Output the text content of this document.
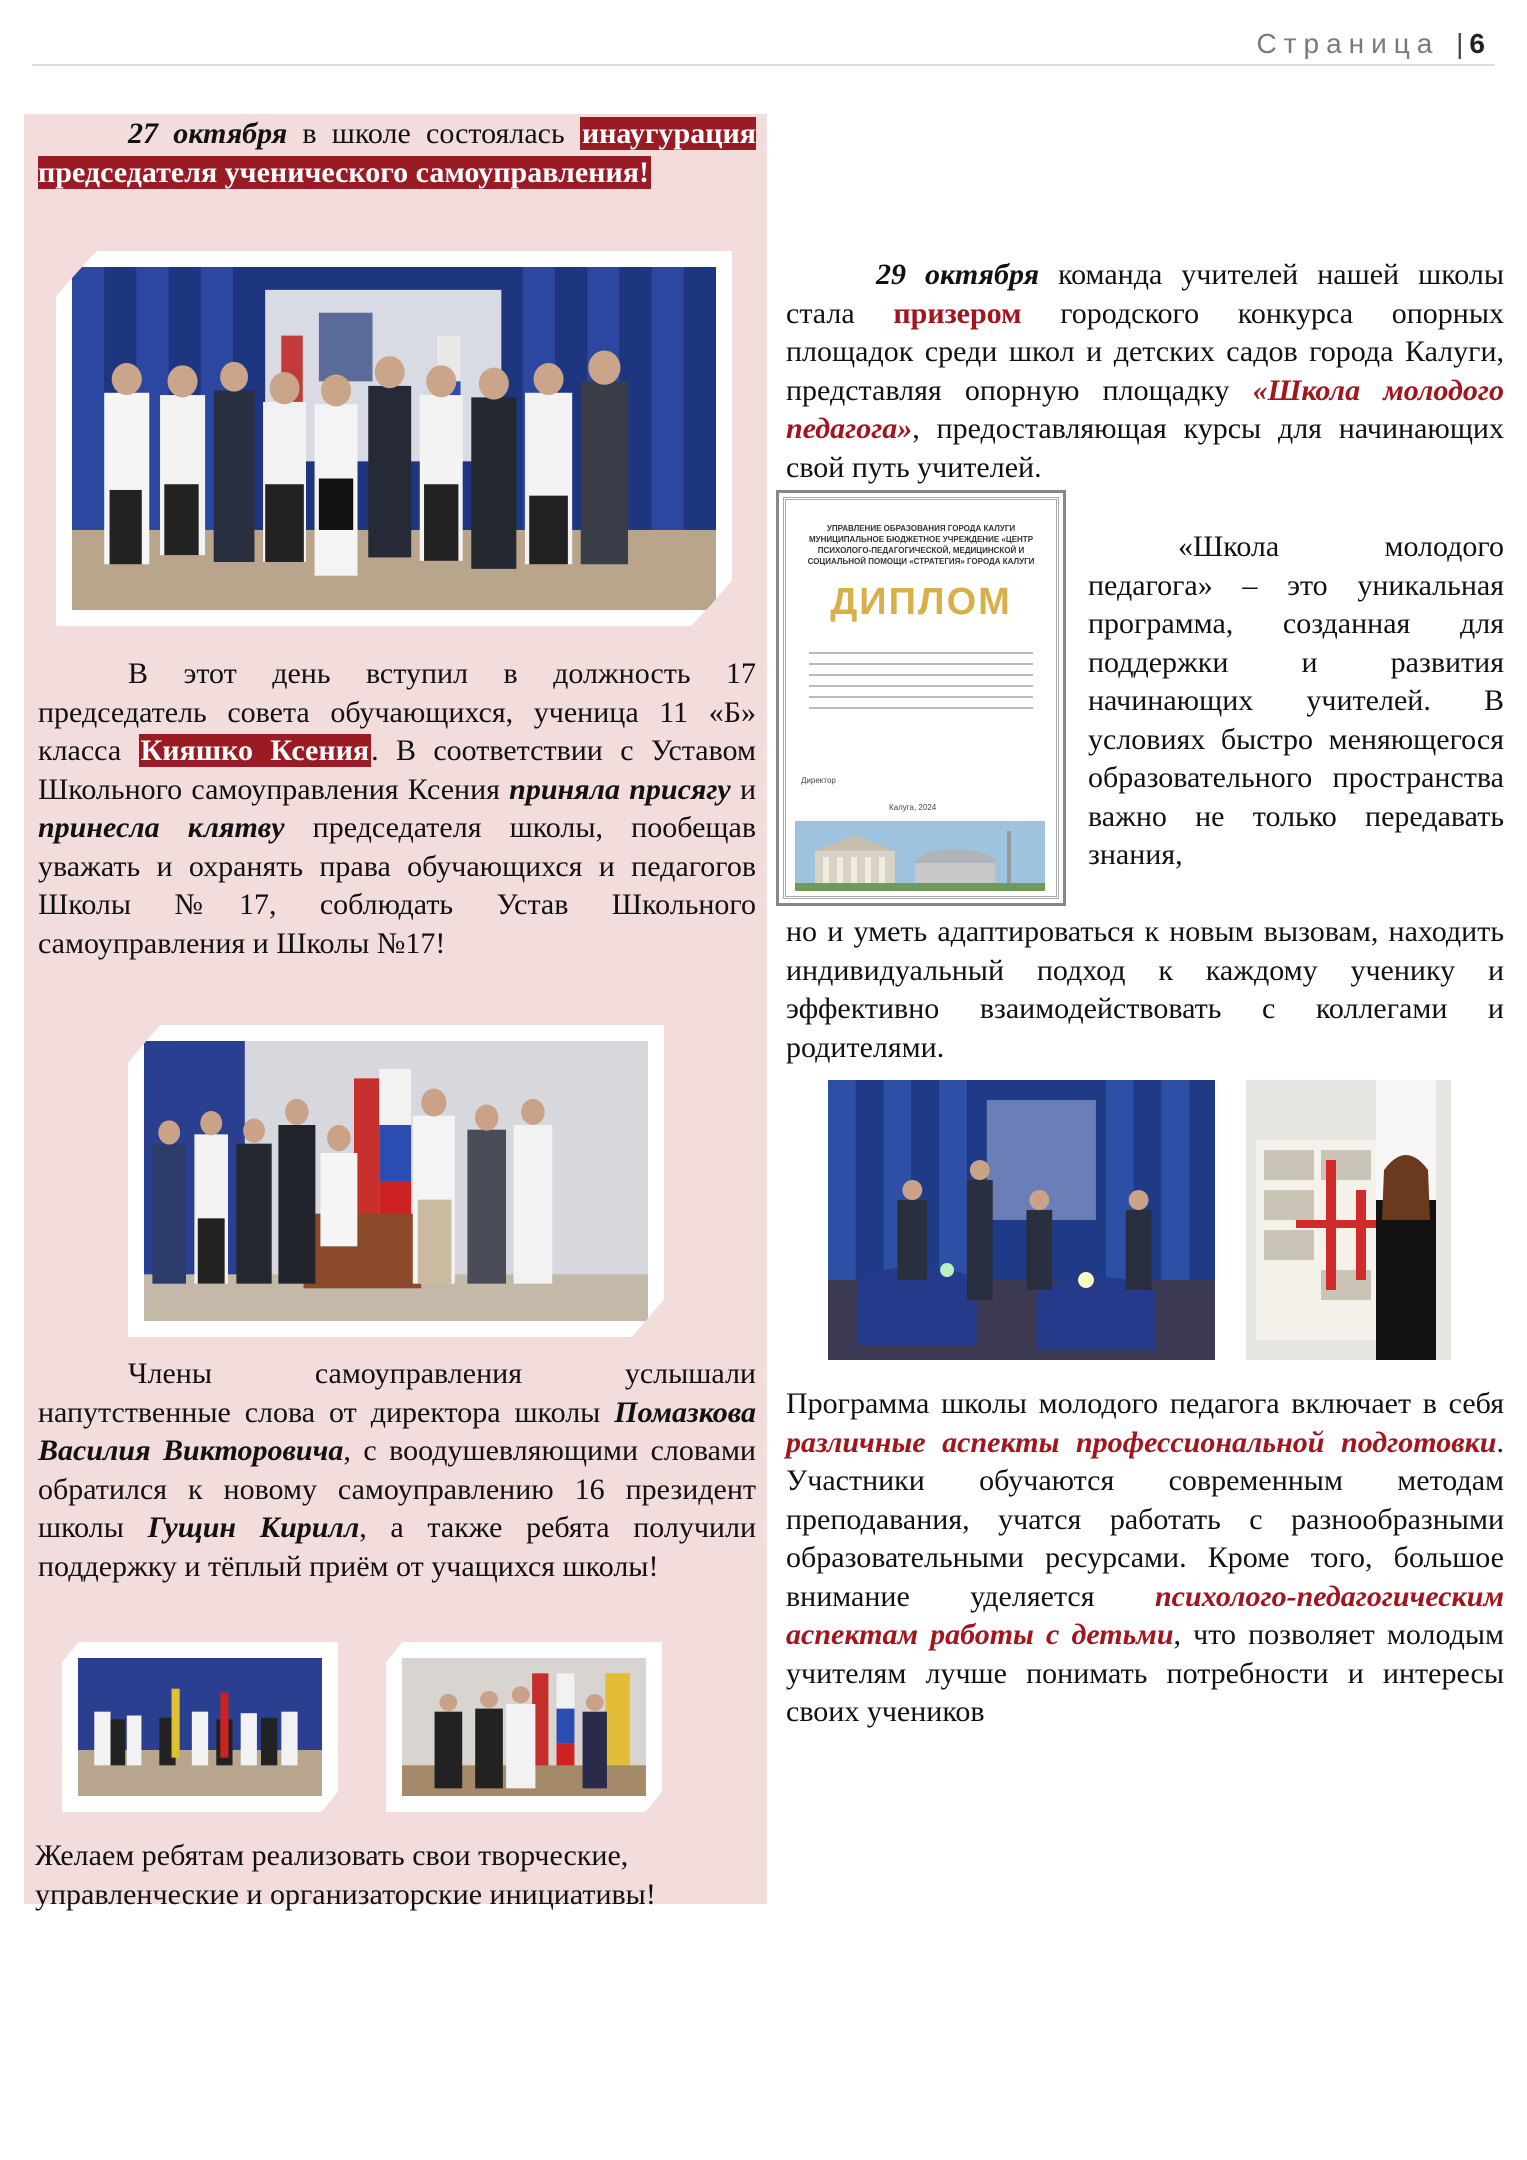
Страница | 6

27 октября в школе состоялась инаугурация председателя ученического самоуправления!

В этот день вступил в должность 17 председатель совета обучающихся, ученица 11 «Б» класса Кияшко Ксения. В соответствии с Уставом Школьного самоуправления Ксения приняла присягу и принесла клятву председателя школы, пообещав уважать и охранять права обучающихся и педагогов Школы №17, соблюдать Устав Школьного самоуправления и Школы №17!

Члены самоуправления услышали напутственные слова от директора школы Помазкова Василия Викторовича, с воодушевляющими словами обратился к новому самоуправлению 16 президент школы Гущин Кирилл, а также ребята получили поддержку и тёплый приём от учащихся школы!

Желаем ребятам реализовать свои творческие, управленческие и организаторские инициативы!

29 октября команда учителей нашей школы стала призером городского конкурса опорных площадок среди школ и детских садов города Калуги, представляя опорную площадку «Школа молодого педагога», предоставляющая курсы для начинающих свой путь учителей.

УПРАВЛЕНИЕ ОБРАЗОВАНИЯ ГОРОДА КАЛУГИ МУНИЦИПАЛЬНОЕ БЮДЖЕТНОЕ УЧРЕЖДЕНИЕ «ЦЕНТР ПСИХОЛОГО-ПЕДАГОГИЧЕСКОЙ, МЕДИЦИНСКОЙ И СОЦИАЛЬНОЙ ПОМОЩИ «СТРАТЕГИЯ» ГОРОДА КАЛУГИ
ДИПЛОМ
Директор
Калуга, 2024

«Школа молодого педагога» – это уникальная программа, созданная для поддержки и развития начинающих учителей. В условиях быстро меняющегося образовательного пространства важно не только передавать знания,

но и уметь адаптироваться к новым вызовам, находить индивидуальный подход к каждому ученику и эффективно взаимодействовать с коллегами и родителями.

Программа школы молодого педагога включает в себя различные аспекты профессиональной подготовки. Участники обучаются современным методам преподавания, учатся работать с разнообразными образовательными ресурсами. Кроме того, большое внимание уделяется психолого-педагогическим аспектам работы с детьми, что позволяет молодым учителям лучше понимать потребности и интересы своих учеников
